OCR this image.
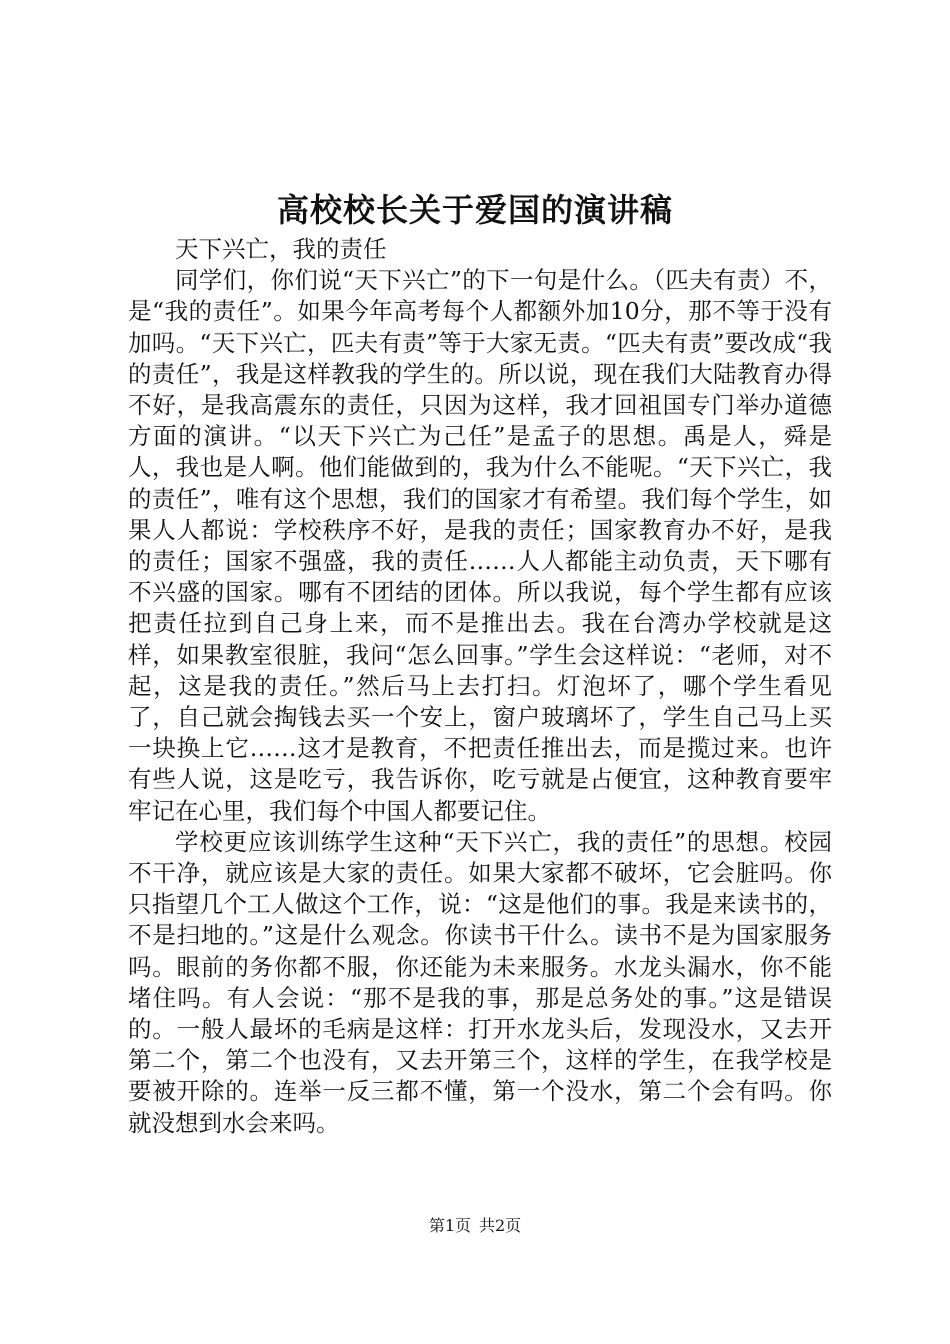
高校校长关于爱国的演讲稿

天下兴亡，我的责任

同学们，你们说“天下兴亡”的下一句是什么。（匹夫有责）不，是“我的责任”。如果今年高考每个人都额外加10分，那不等于没有加吗。“天下兴亡，匹夫有责”等于大家无责。“匹夫有责”要改成“我的责任”，我是这样教我的学生的。所以说，现在我们大陆教育办得不好，是我高震东的责任，只因为这样，我才回祖国专门举办道德方面的演讲。“以天下兴亡为己任”是孟子的思想。禹是人，舜是人，我也是人啊。他们能做到的，我为什么不能呢。“天下兴亡，我的责任”，唯有这个思想，我们的国家才有希望。我们每个学生，如果人人都说：学校秩序不好，是我的责任；国家教育办不好，是我的责任；国家不强盛，我的责任……人人都能主动负责，天下哪有不兴盛的国家。哪有不团结的团体。所以我说，每个学生都有应该把责任拉到自己身上来，而不是推出去。我在台湾办学校就是这样，如果教室很脏，我问“怎么回事。”学生会这样说：“老师，对不起，这是我的责任。”然后马上去打扫。灯泡坏了，哪个学生看见了，自己就会掏钱去买一个安上，窗户玻璃坏了，学生自己马上买一块换上它……这才是教育，不把责任推出去，而是揽过来。也许有些人说，这是吃亏，我告诉你，吃亏就是占便宜，这种教育要牢牢记在心里，我们每个中国人都要记住。

学校更应该训练学生这种“天下兴亡，我的责任”的思想。校园不干净，就应该是大家的责任。如果大家都不破坏，它会脏吗。你只指望几个工人做这个工作，说：“这是他们的事。我是来读书的，不是扫地的。”这是什么观念。你读书干什么。读书不是为国家服务吗。眼前的务你都不服，你还能为未来服务。水龙头漏水，你不能堵住吗。有人会说：“那不是我的事，那是总务处的事。”这是错误的。一般人最坏的毛病是这样：打开水龙头后，发现没水，又去开第二个，第二个也没有，又去开第三个，这样的学生，在我学校是要被开除的。连举一反三都不懂，第一个没水，第二个会有吗。你就没想到水会来吗。

第1页 共2页
